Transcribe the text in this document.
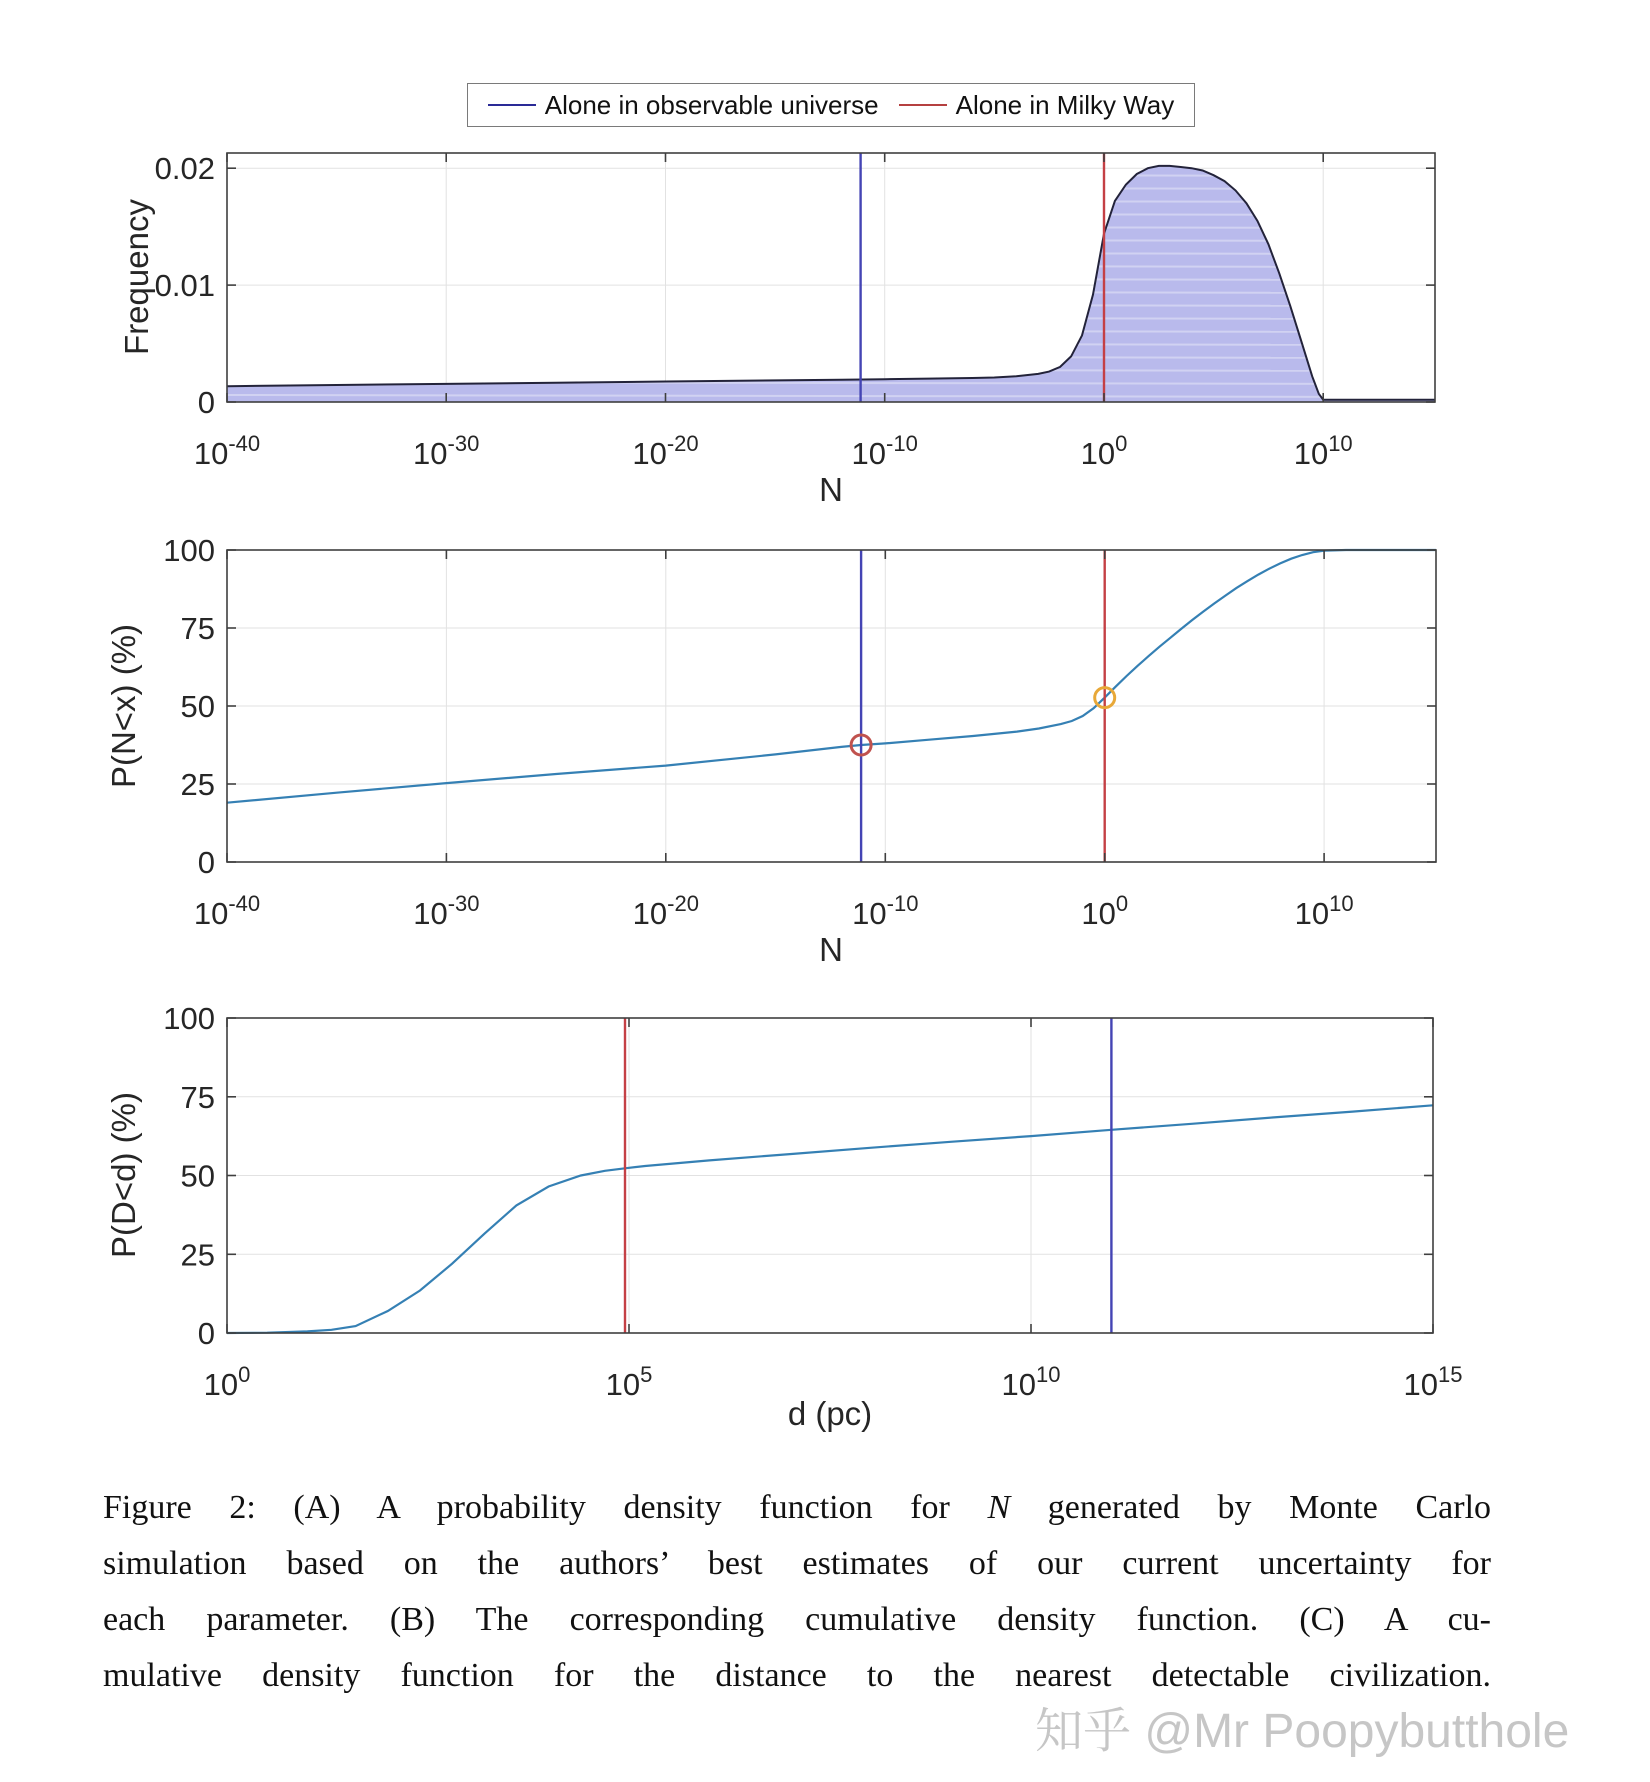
Alone in observable universe	Alone in Milky Way
$10^{-40}$	$10^{-30}$	$10^{-20}$	$10^{-10}$	$10^0$	$10^{10}$
0
0.01
0.02
$10^{-40}$	$10^{-30}$	$10^{-20}$	$10^{-10}$	$10^0$	$10^{10}$
0
25
50
75
100
$10^0$	$10^5$	$10^{10}$	$10^{15}$
0
25
50
75
100
Frequency
N
P(N<x) (%)
N
P(D<d) (%)
d (pc)
Figure 2: (A) A probability density function for N generated by Monte Carlo
simulation based on the authors’ best estimates of our current uncertainty for
each parameter. (B) The corresponding cumulative density function. (C) A cu-
mulative density function for the distance to the nearest detectable civilization.
知乎 @Mr Poopybutthole
